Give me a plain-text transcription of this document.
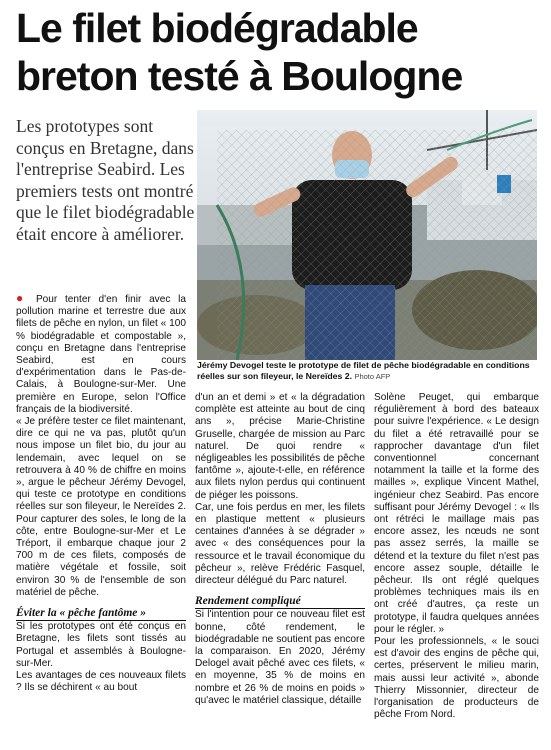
Le filet biodégradable breton testé à Boulogne

Les prototypes sont conçus en Bretagne, dans l'entreprise Seabird. Les premiers tests ont montré que le filet biodégradable était encore à améliorer.

Jérémy Devogel teste le prototype de filet de pêche biodégradable en conditions réelles sur son fileyeur, le Nereïdes 2. Photo AFP

● Pour tenter d'en finir avec la pollution marine et terrestre due aux filets de pêche en nylon, un filet « 100 % biodégradable et compostable », conçu en Bretagne dans l'entreprise Seabird, est en cours d'expérimentation dans le Pas-de-Calais, à Boulogne-sur-Mer. Une première en Europe, selon l'Office français de la biodiversité.

« Je préfère tester ce filet maintenant, dire ce qui ne va pas, plutôt qu'un nous impose un filet bio, du jour au lendemain, avec lequel on se retrouvera à 40 % de chiffre en moins », argue le pêcheur Jérémy Devogel, qui teste ce prototype en conditions réelles sur son fileyeur, le Nereïdes 2. Pour capturer des soles, le long de la côte, entre Boulogne-sur-Mer et Le Tréport, il embarque chaque jour 2 700 m de ces filets, composés de matière végétale et fossile, soit environ 30 % de l'ensemble de son matériel de pêche.

Éviter la « pêche fantôme »

Si les prototypes ont été conçus en Bretagne, les filets sont tissés au Portugal et assemblés à Boulogne-sur-Mer.

Les avantages de ces nouveaux filets ? Ils se déchirent « au bout

d'un an et demi » et « la dégradation complète est atteinte au bout de cinq ans », précise Marie-Christine Gruselle, chargée de mission au Parc naturel. De quoi rendre « négligeables les possibilités de pêche fantôme », ajoute-t-elle, en référence aux filets nylon perdus qui continuent de piéger les poissons.

Car, une fois perdus en mer, les filets en plastique mettent « plusieurs centaines d'années à se dégrader » avec « des conséquences pour la ressource et le travail économique du pêcheur », relève Frédéric Fasquel, directeur délégué du Parc naturel.

Rendement compliqué

Si l'intention pour ce nouveau filet est bonne, côté rendement, le biodégradable ne soutient pas encore la comparaison. En 2020, Jérémy Delogel avait pêché avec ces filets, « en moyenne, 35 % de moins en nombre et 26 % de moins en poids » qu'avec le matériel classique, détaille

Solène Peuget, qui embarque régulièrement à bord des bateaux pour suivre l'expérience. « Le design du filet a été retravaillé pour se rapprocher davantage d'un filet conventionnel concernant notamment la taille et la forme des mailles », explique Vincent Mathel, ingénieur chez Seabird. Pas encore suffisant pour Jérémy Devogel : « Ils ont rétréci le maillage mais pas encore assez, les nœuds ne sont pas assez serrés, la maille se détend et la texture du filet n'est pas encore assez souple, détaille le pêcheur. Ils ont réglé quelques problèmes techniques mais ils en ont créé d'autres, ça reste un prototype, il faudra quelques années pour le régler. »

Pour les professionnels, « le souci est d'avoir des engins de pêche qui, certes, préservent le milieu marin, mais aussi leur activité », abonde Thierry Missonnier, directeur de l'organisation de producteurs de pêche From Nord.
